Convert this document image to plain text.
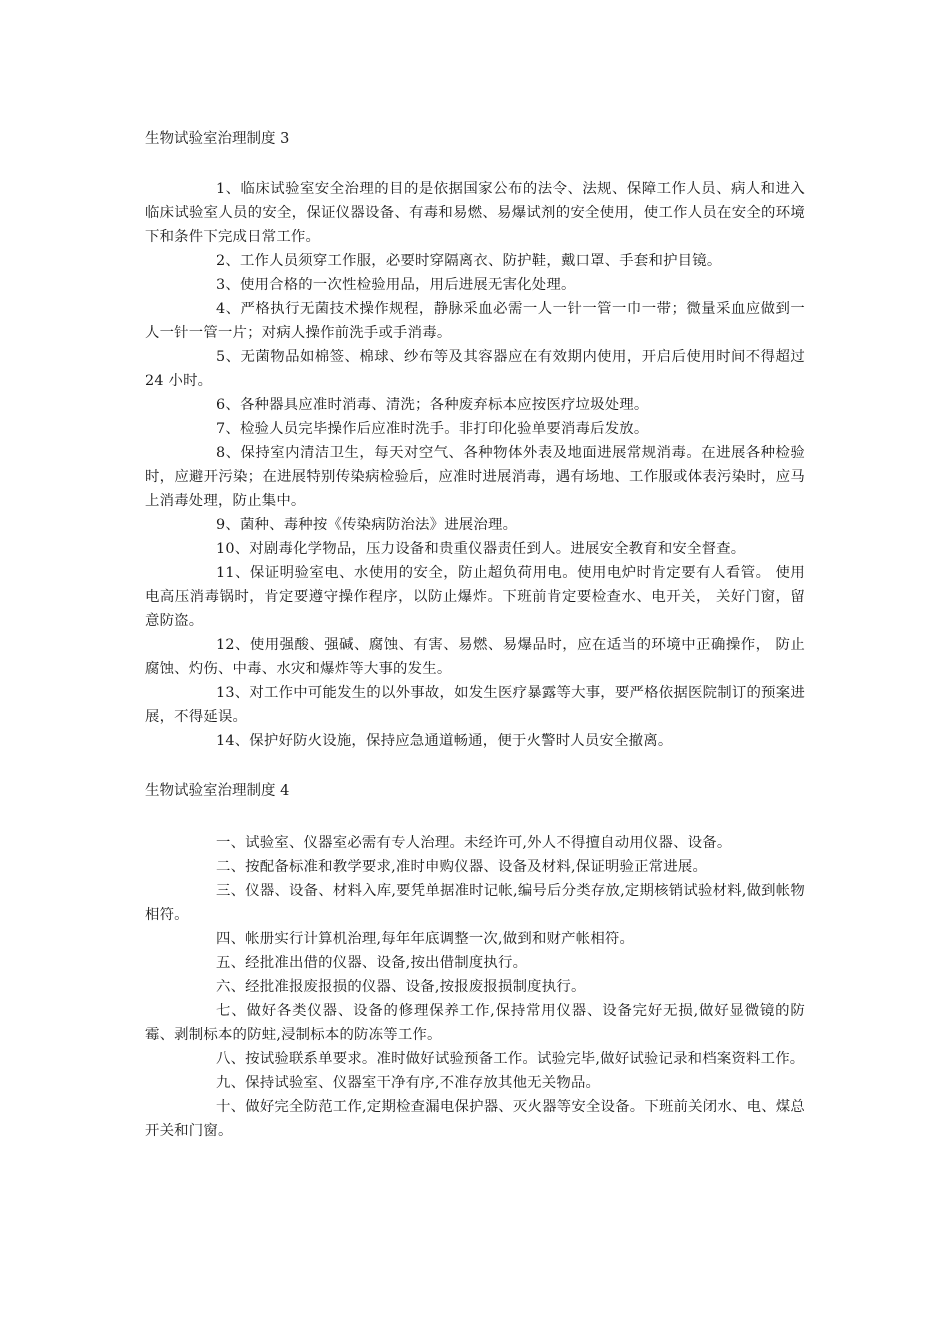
生物试验室治理制度 3

1、临床试验室安全治理的目的是依据国家公布的法令、法规、保障工作人员、病人和进入临床试验室人员的安全，保证仪器设备、有毒和易燃、易爆试剂的安全使用，使工作人员在安全的环境下和条件下完成日常工作。

2、工作人员须穿工作服，必要时穿隔离衣、防护鞋，戴口罩、手套和护目镜。

3、使用合格的一次性检验用品，用后进展无害化处理。

4、严格执行无菌技术操作规程，静脉采血必需一人一针一管一巾一带；微量采血应做到一人一针一管一片；对病人操作前洗手或手消毒。

5、无菌物品如棉签、棉球、纱布等及其容器应在有效期内使用，开启后使用时间不得超过 24 小时。

6、各种器具应准时消毒、清洗；各种废弃标本应按医疗垃圾处理。

7、检验人员完毕操作后应准时洗手。非打印化验单要消毒后发放。

8、保持室内清洁卫生，每天对空气、各种物体外表及地面进展常规消毒。在进展各种检验时，应避开污染；在进展特别传染病检验后，应准时进展消毒，遇有场地、工作服或体表污染时，应马上消毒处理，防止集中。

9、菌种、毒种按《传染病防治法》进展治理。

10、对剧毒化学物品，压力设备和贵重仪器责任到人。进展安全教育和安全督查。

11、保证明验室电、水使用的安全，防止超负荷用电。使用电炉时肯定要有人看管。 使用电高压消毒锅时，肯定要遵守操作程序，以防止爆炸。下班前肯定要检查水、电开关， 关好门窗，留意防盗。

12、使用强酸、强碱、腐蚀、有害、易燃、易爆品时，应在适当的环境中正确操作， 防止腐蚀、灼伤、中毒、水灾和爆炸等大事的发生。

13、对工作中可能发生的以外事故，如发生医疗暴露等大事，要严格依据医院制订的预案进展，不得延误。

14、保护好防火设施，保持应急通道畅通，便于火警时人员安全撤离。

生物试验室治理制度 4

一、试验室、仪器室必需有专人治理。未经许可,外人不得擅自动用仪器、设备。

二、按配备标准和教学要求,准时申购仪器、设备及材料,保证明验正常进展。

三、仪器、设备、材料入库,要凭单据准时记帐,编号后分类存放,定期核销试验材料,做到帐物相符。

四、帐册实行计算机治理,每年年底调整一次,做到和财产帐相符。

五、经批准出借的仪器、设备,按出借制度执行。

六、经批准报废报损的仪器、设备,按报废报损制度执行。

七、做好各类仪器、设备的修理保养工作,保持常用仪器、设备完好无损,做好显微镜的防霉、剥制标本的防蛀,浸制标本的防冻等工作。

八、按试验联系单要求。准时做好试验预备工作。试验完毕,做好试验记录和档案资料工作。

九、保持试验室、仪器室干净有序,不准存放其他无关物品。

十、做好完全防范工作,定期检查漏电保护器、灭火器等安全设备。下班前关闭水、电、煤总开关和门窗。
